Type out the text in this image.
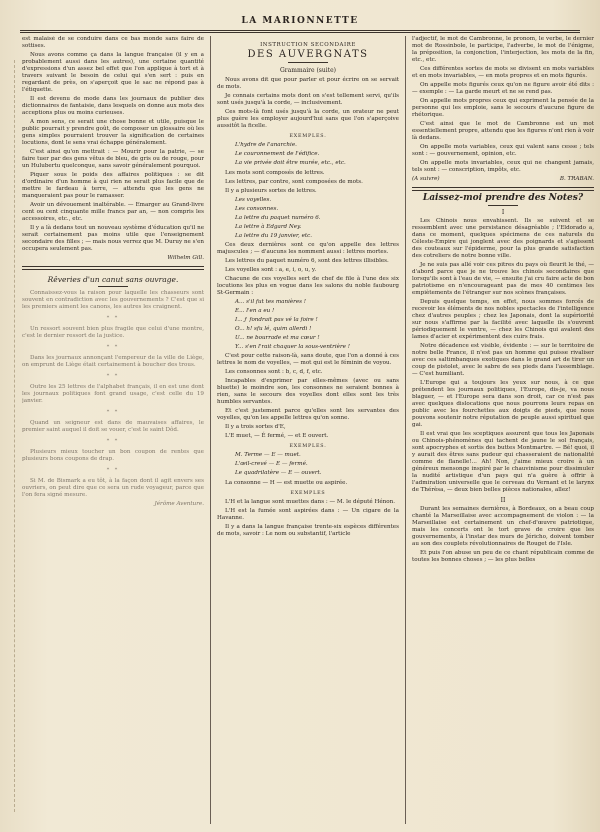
LA MARIONNETTE

est malaisé de se conduire dans ce bas monde sans faire de sottises.

Nous avons comme ça dans la langue française (il y en a probablement aussi dans les autres), une certaine quantité d'expressions d'un assez bel effet que l'on applique à tort et à travers suivant le besoin de celui qui s'en sert : puis en regardant de près, on s'aperçoit que le sac ne répond pas à l'étiquette.

Il est devenu de mode dans les journaux de publier des dictionnaires de fantaisie, dans lesquels on donne aux mots des acceptions plus ou moins curieuses.

A mon sens, ce serait une chose bonne et utile, puisque le public pourrait y prendre goût, de composer un glossaire où les gens simples pourraient trouver la signification de certaines locutions, dont le sens vrai échappe généralement.

C'est ainsi qu'on mettrait : — Mourir pour la patrie, — se faire tuer par des gens vêtus de bleu, de gris ou de rouge, pour un Hulubertu quelconque, sans savoir généralement pourquoi.

Piquer sous le poids des affaires politiques : se dit d'ordinaire d'un homme à qui rien ne serait plus facile que de mettre le fardeau à terre, — attendu que les gens ne manqueraient pas pour le ramasser.

Avoir un dévouement inaltérable. — Emarger au Grand-livre cent ou cent cinquante mille francs par an, — non compris les accessoires, etc., etc.

Il y a là dedans tout un nouveau système d'éducation qu'il ne serait certainement pas moins utile que l'enseignement secondaire des filles ; — mais nous verrez que M. Duruy ne s'en occupera seulement pas.

Wilhelm Gill.
Rêveries d'un canut sans ouvrage.

Connaissez-vous la raison pour laquelle les chasseurs sont souvent en contradiction avec les gouvernements ? C'est que si les premiers aiment les canons, les autres les craignent.

* *

Un ressort souvent bien plus fragile que celui d'une montre, c'est le dernier ressort de la justice.

* *

Dans les journaux annonçant l'empereur de la ville de Liège, on emprunt de Liège était certainement à boucher des trous.

* *

Outre les 25 lettres de l'alphabet français, il en est une dont les journaux politiques font grand usage, c'est celle du 19 janvier.

* *

Quand un seigneur est dans de mauvaises affaires, le premier saint auquel il doit se vouer, c'est le saint Dôd.

* *

Plusieurs mieux toucher un bon coupon de rentes que plusieurs bons coupons de drap.

* *

Si M. de Bismark a eu tôt, à la façon dont il agit envers ses ouvriers, on peut dire que ce sera un rude voyageur, parce que l'on fera signé mesure.

Jérôme Aventure.
INSTRUCTION SECONDAIRE
DES AUVERGNATS
Grammaire (suite)

Nous avons dit que pour parler et pour écrire on se servait de mots.

Je connais certains mots dont on s'est tellement servi, qu'ils sont usés jusqu'à la corde, — inclusivement.

Ces mots-là font usés jusqu'à la corde, un orateur ne peut plus guère les employer aujourd'hui sans que l'on s'aperçoive aussitôt la ficelle.

EXEMPLES.

L'hydre de l'anarchie.

Le couronnement de l'édifice.

La vie privée doit être murée, etc., etc.

Les mots sont composés de lettres.

Les lettres, par contre, sont composées de mots.

Il y a plusieurs sortes de lettres.

Les voyelles.

Les consonnes.

La lettre du paquet numéro 6.

La lettre à Edgard Ney.

La lettre du 19 janvier, etc.

Ces deux dernières sont ce qu'on appelle des lettres majuscules ; — d'aucuns les nomment aussi : lettres mortes.

Les lettres du paquet numéro 6, sont des lettres illisibles.

Les voyelles sont : a, e, i, o, u, y.

Chacune de ces voyelles sert de chef de file à l'une des six locutions les plus en vogue dans les salons du noble faubourg St-Germain :

A... s'il fut tes manières !

E... l'en a eu !

I... j' fondrait pas vé la foire !

O... h! sfu lé, quim allerdi !

U... ne bourrade et ma cœur !

Y... s'en l'rait chaquer la sous-ventrière !

C'est pour cette raison-là, sans doute, que l'on a donné à ces lettres le nom de voyelles, — mot qui est le féminin de voyou.

Les consonnes sont : b, c, d, f, etc.

Incapables d'exprimer par elles-mêmes (avec ou sans bluette) le moindre son, les consonnes ne seraient bonnes à rien, sans le secours des voyelles dont elles sont les très humbles servantes.

Et c'est justement parce qu'elles sont les servantes des voyelles, qu'on les appelle lettres qu'on sonne.

Il y a trois sortes d'E,

L'E muet, — É fermé, — et E ouvert.

EXEMPLES.

M. Terme — E — muet.

L'œil-crevé — E — fermé.

Le quadrilatère — E — ouvert.

La consonne — H — est muette ou aspirée.

EXEMPLES

L'H et la langue sont muettes dans : — M. le député Hénon.

L'H est la fumée sont aspirées dans : — Un cigare de la Havanne.

Il y a dans la langue française trente-six espèces différentes de mots, savoir : Le nom ou substantif, l'article

l'adjectif, le mot de Cambronne, le pronom, le verbe, le dernier mot de Rossinbole, le participe, l'adverbe, le mot de l'énigme, la préposition, la conjonction, l'interjection, les mots de la fin, etc., etc.

Ces différentes sortes de mots se divisent en mots variables et en mots invariables, — en mots propres et en mots figurés.

On appelle mots figurés ceux qu'on ne figure avoir été dits : — exemple : — La garde meurt et ne se rend pas.

On appelle mots propres ceux qui expriment la pensée de la personne qui les emploie, sans le secours d'aucune figure de rhétorique.

C'est ainsi que le mot de Cambronne est un mot essentiellement propre, attendu que les figures n'ont rien à voir là dedans.

On appelle mots variables, ceux qui valent sans cesse ; tels sont : — gouvernement, opinion, etc.

On appelle mots invariables, ceux qui ne changent jamais, tels sont : — conscription, impôts, etc.

(A suivre)	B. TRABAN.
Laissez-moi prendre des Notes?
I

Les Chinois nous envahissent. Ils se suivent et se ressemblent avec une persistance désagréable ; l'Eldorado a, dans ce moment, quelques spécimens de ces naturels du Céleste-Empire qui jonglent avec des poignards et s'agissent des couteaux sur l'épiderme, pour la plus grande satisfaction des cotreliers de notre bonne ville.

Je ne suis pas allé voir ces pitres du pays où fleurit le thé, — d'abord parce que je ne trouve les chinois secondaires que lorsqu'ils sont à l'eau de vie, — ensuite j'ai cru faire acte de bon patriotisme en n'encourageant pas de mes 40 centimes les empiètements de l'étranger sur nos scènes françaises.

Depuis quelque temps, en effet, nous sommes forcés de recevoir les éléments de nos nobles spectacles de l'intelligence chez d'autres peuples ; chez les Japonais, dont la supériorité sur nous s'affirme par la facilité avec laquelle ils s'ouvrent périodiquement le ventre, — chez les Chinois qui avalent des lames d'acier et expérimentent des cuirs frais.

Notre décadence est visible, évidente : — sur le territoire de notre belle France, il n'est pas un homme qui puisse rivaliser avec ces saltimbanques exotiques dans le grand art de tirer un coup de pistolet, avec le sabre de ses pieds dans l'assemblage. — C'est humiliant.

L'Europe qui a toujours les yeux sur nous, à ce que prétendent les journaux politiques, l'Europe, dis-je, va nous blaguer, — et l'Europe sera dans son droit, car ce n'est pas avec quelques dislocations que nous pourrons leurs repas en public avec les fourchettes aux doigts de pieds, que nous pouvons soutenir notre réputation de peuple aussi spirituel que gai.

Il est vrai que les sceptiques assurent que tous les Japonais ou Chinois-phénomènes qui tachent de jaune le sol français, sont apocryphes et sortis des buttes Montmartre. — Bé! quoi, il y aurait des êtres sans pudeur qui chasseraient de nationalité comme de flanelle!... Ah! Non, j'aime mieux croire à un généreux mensonge inspiré par le chauvinisme pour dissimuler la nudité artistique d'un pays qui n'a guère à offrir à l'admiration universelle que le cerveau du Vernant et le larynx de Thérèsa, — deux bien belles pièces nationales, allez!

II

Durant les semaines dernières, à Bordeaux, on a beau coup chanté la Marseillaise avec accompagnement de violon : — la Marseillaise est certainement un chef-d'œuvre patriotique, mais les concerts ont le tort grave de croire que les gouvernements, à l'instar des murs de Jéricho, doivent tomber au son des couplets révolutionnaires de Rouget de l'Isle.

Et puis l'on abuse un peu de ce chant républicain comme de toutes les bonnes choses ; — les plus belles
